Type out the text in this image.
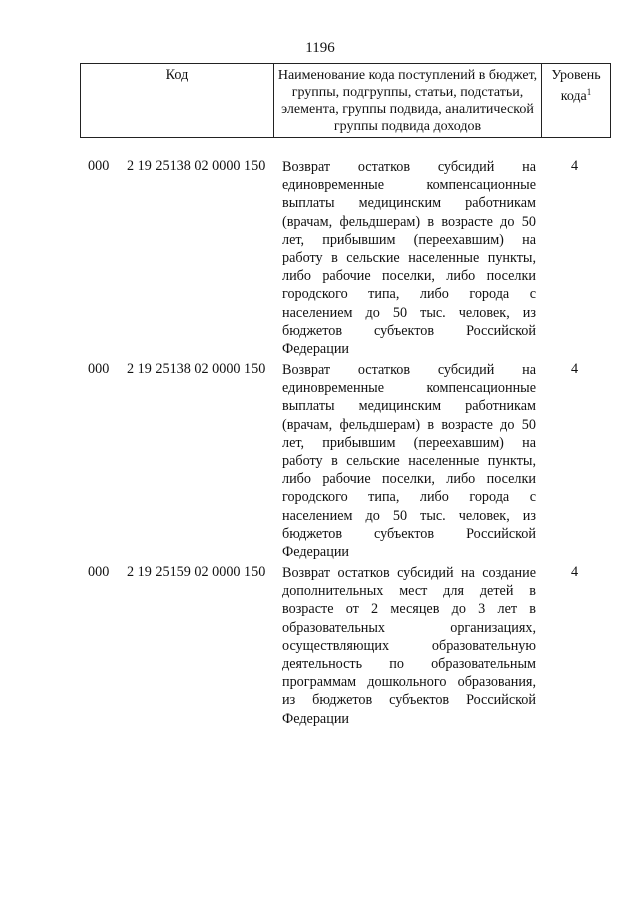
1196
Код	Наименование кода поступлений в бюджет, группы, подгруппы, статьи, подстатьи, элемента, группы подвида, аналитической группы подвида доходов
Уровень кода$^1$
000 2 19 25138 02 0000 150 Возврат остатков субсидий на единовременные компенсационные выплаты медицинским работникам (врачам, фельдшерам) в возрасте до 50 лет, прибывшим (переехавшим) на работу в сельские населенные пункты, либо рабочие поселки, либо поселки городского типа, либо города с населением до 50 тыс. человек, из бюджетов субъектов Российской Федерации
4
000 2 19 25138 02 0000 150 Возврат остатков субсидий на единовременные компенсационные выплаты медицинским работникам (врачам, фельдшерам) в возрасте до 50 лет, прибывшим (переехавшим) на работу в сельские населенные пункты, либо рабочие поселки, либо поселки городского типа, либо города с населением до 50 тыс. человек, из бюджетов субъектов Российской Федерации
4
000 2 19 25159 02 0000 150 Возврат остатков субсидий на создание дополнительных мест для детей в возрасте от 2 месяцев до 3 лет в образовательных организациях, осуществляющих образовательную деятельность по образовательным программам дошкольного образования, из бюджетов субъектов Российской Федерации
4
